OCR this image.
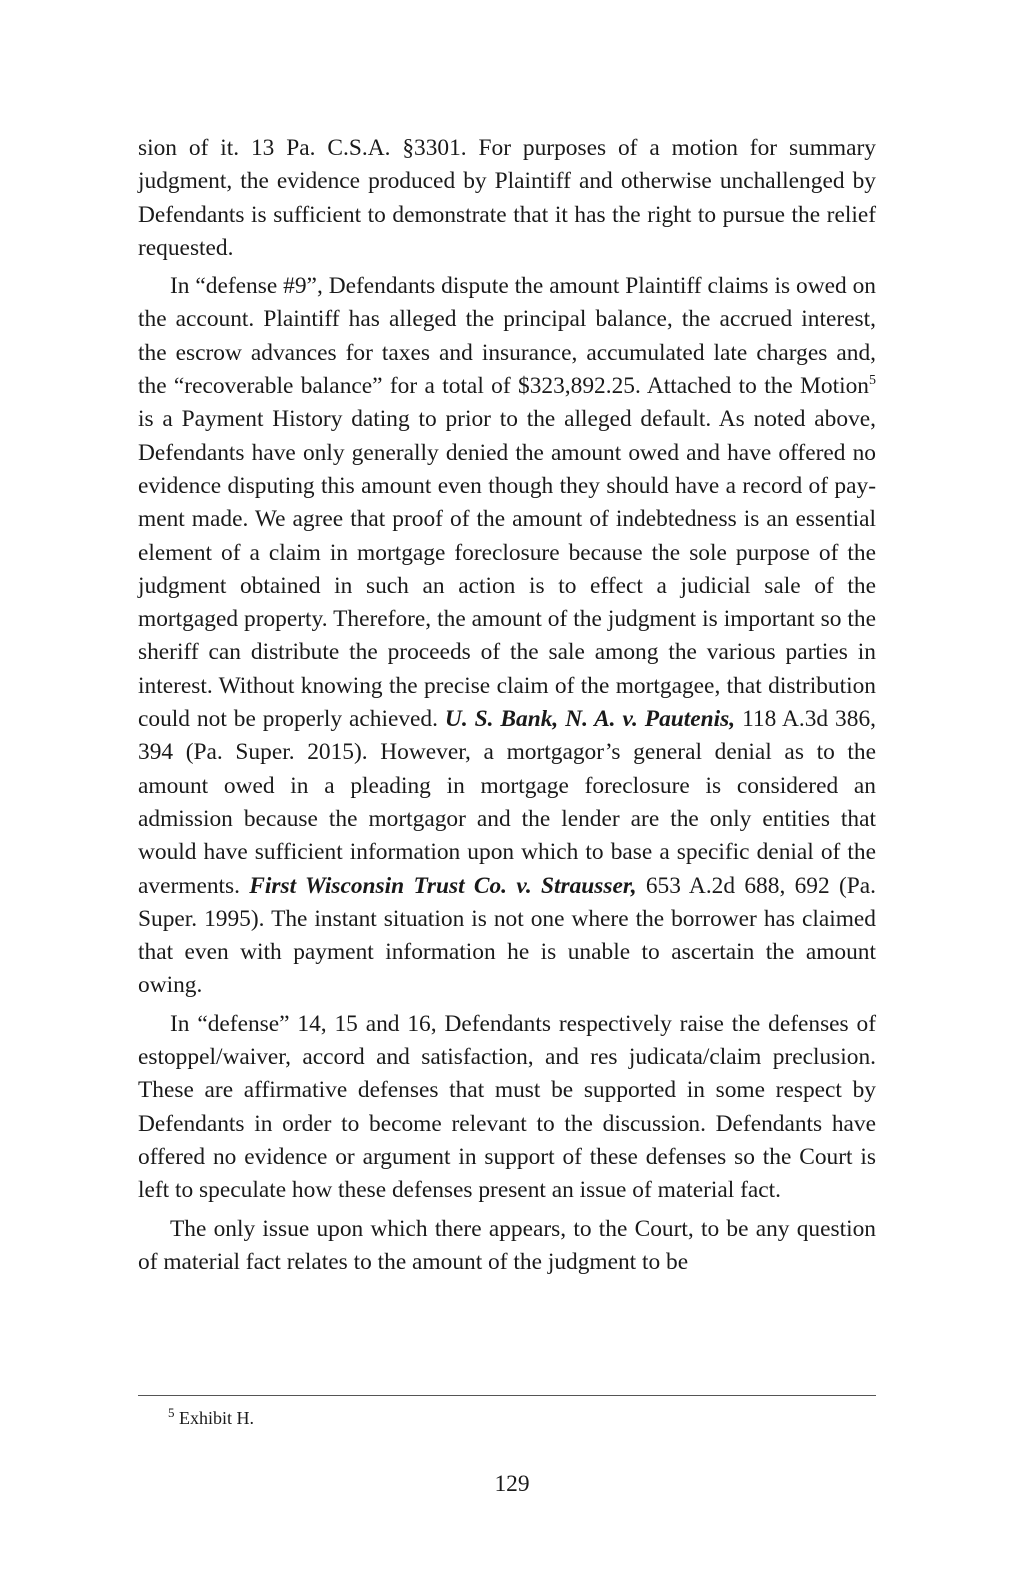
sion of it. 13 Pa. C.S.A. §3301. For purposes of a motion for summary judgment, the evidence produced by Plaintiff and otherwise unchallenged by Defendants is sufficient to demonstrate that it has the right to pursue the relief requested.

In “defense #9”, Defendants dispute the amount Plaintiff claims is owed on the account. Plaintiff has alleged the principal balance, the accrued interest, the escrow advances for taxes and insurance, accumulated late charges and, the “recoverable balance” for a total of $323,892.25. Attached to the Motion$^5$ is a Payment History dating to prior to the alleged default. As noted above, Defendants have only generally denied the amount owed and have offered no evidence disputing this amount even though they should have a record of payment made. We agree that proof of the amount of indebtedness is an essential element of a claim in mortgage foreclosure because the sole purpose of the judgment obtained in such an action is to effect a judicial sale of the mortgaged property. Therefore, the amount of the judgment is important so the sheriff can distribute the proceeds of the sale among the various parties in interest. Without knowing the precise claim of the mortgagee, that distribution could not be properly achieved. U. S. Bank, N. A. v. Pautenis, 118 A.3d 386, 394 (Pa. Super. 2015). However, a mortgagor’s general denial as to the amount owed in a pleading in mortgage foreclosure is considered an admission because the mortgagor and the lender are the only entities that would have sufficient information upon which to base a specific denial of the averments. First Wisconsin Trust Co. v. Strausser, 653 A.2d 688, 692 (Pa. Super. 1995). The instant situation is not one where the borrower has claimed that even with payment information he is unable to ascertain the amount owing.

In “defense” 14, 15 and 16, Defendants respectively raise the defenses of estoppel/waiver, accord and satisfaction, and res judicata/​claim preclusion. These are affirmative defenses that must be supported in some respect by Defendants in order to become relevant to the discussion. Defendants have offered no evidence or argument in support of these defenses so the Court is left to speculate how these defenses present an issue of material fact.

The only issue upon which there appears, to the Court, to be any question of material fact relates to the amount of the judgment to be

$^5$ Exhibit H.
129
